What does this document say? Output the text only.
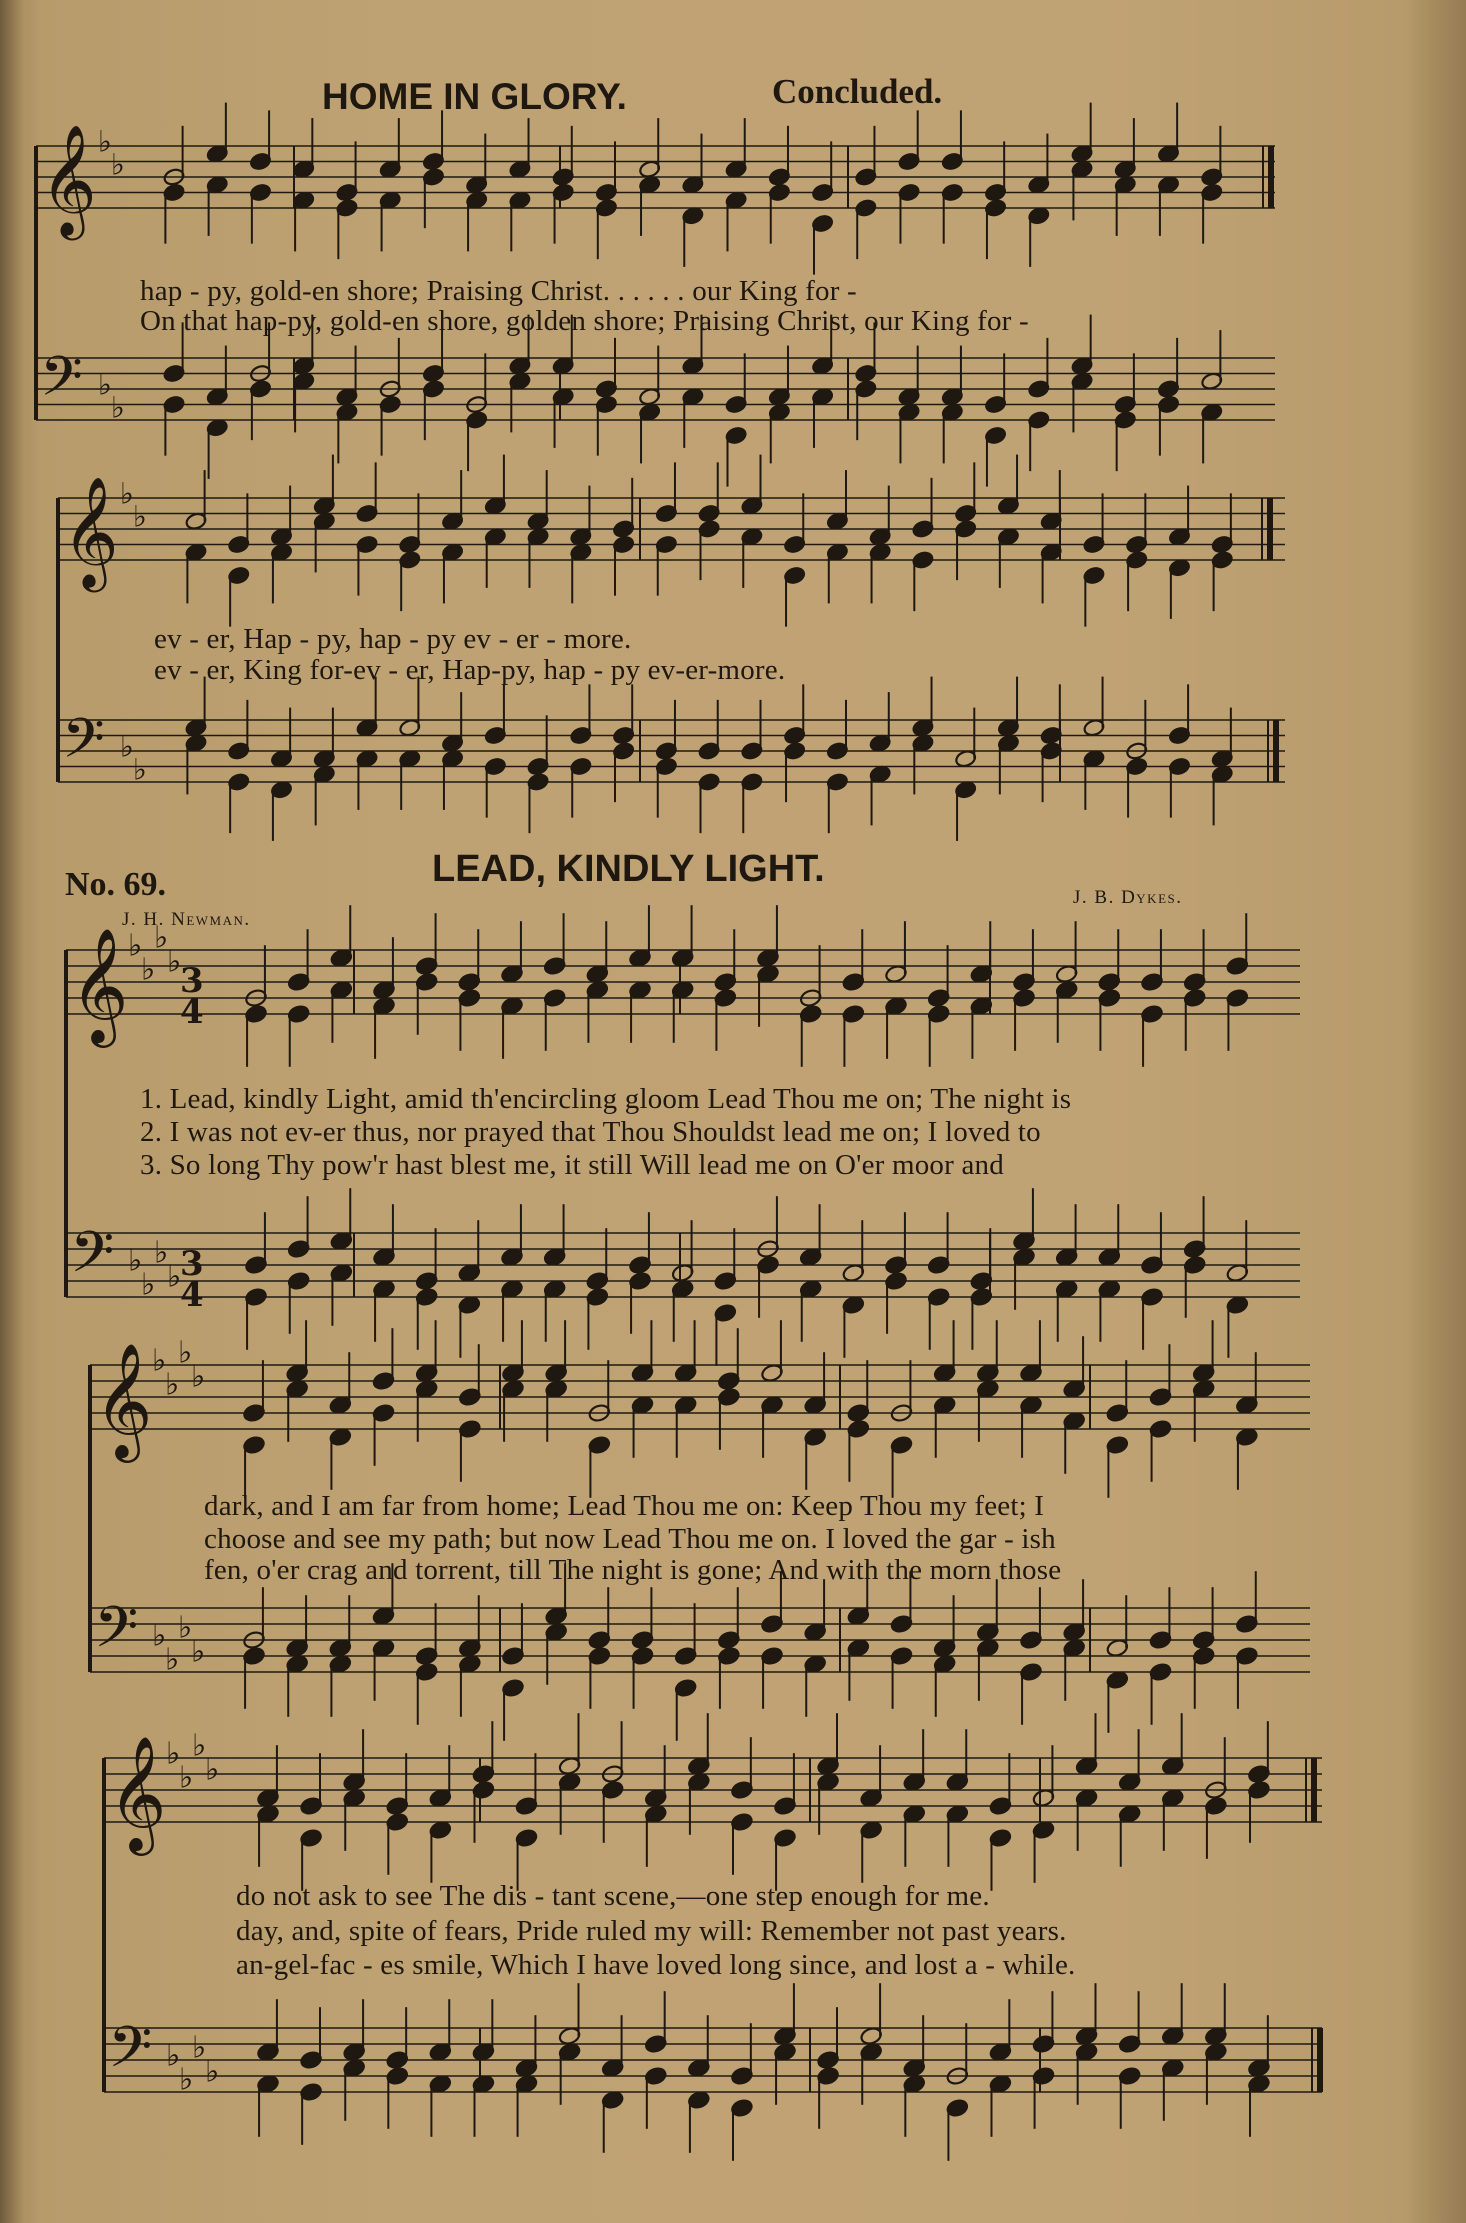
HOME IN GLORY.	Concluded.
hap - py, gold-en shore; Praising Christ. . . . . . our King for -
On that hap-py, gold-en shore, golden shore; Praising Christ, our King for -
ev - er, Hap - py, hap - py ev - er - more.
ev - er, King for-ev - er, Hap-py, hap - py ev-er-more.
No. 69.	LEAD, KINDLY LIGHT.
J. H. Newman.
J. B. Dykes.
1. Lead, kindly Light, amid th'encircling gloom Lead Thou me on; The night is
2. I was not ev-er thus, nor prayed that Thou Shouldst lead me on; I loved to
3. So long Thy pow'r hast blest me, it still Will lead me on O'er moor and
dark, and I am far from home; Lead Thou me on: Keep Thou my feet; I
choose and see my path; but now Lead Thou me on. I loved the gar - ish
fen, o'er crag and torrent, till The night is gone; And with the morn those
do not ask to see The dis - tant scene,—one step enough for me.
day, and, spite of fears, Pride ruled my will: Remember not past years.
an-gel-fac - es smile, Which I have loved long since, and lost a - while.
3
4
3
4
𝄞
𝄢
♭
♭
♭
♭
𝄞
𝄢
♭
♭
♭
♭
𝄞
𝄢
♭
♭
♭
♭
♭
♭
♭
♭
𝄞
𝄢
♭
♭
♭
♭
♭
♭
♭
♭
𝄞
𝄢
♭
♭
♭
♭
♭
♭
♭
♭
